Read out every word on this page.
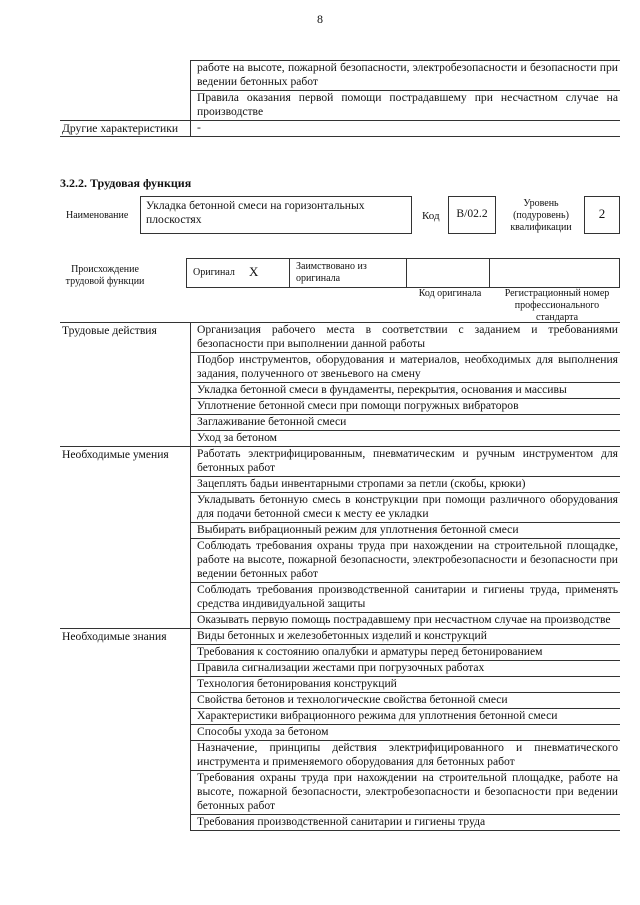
8
	работе на высоте, пожарной безопасности, электробезопасности и безопасности при ведении бетонных работ
	Правила оказания первой помощи пострадавшему при несчастном случае на производстве
Другие характеристики	-
3.2.2. Трудовая функция
Наименование
Укладка бетонной смеси на горизонтальных плоскостях	Код	В/02.2
Уровень (подуровень) квалификации
2
Происхождение трудовой функции
Оригинал X	Заимствовано из оригинала
Код оригинала	Регистрационный номер профессионального стандарта
Трудовые действия	Организация рабочего места в соответствии с заданием и требованиями безопасности при выполнении данной работы
	Подбор инструментов, оборудования и материалов, необходимых для выполнения задания, полученного от звеньевого на смену
	Укладка бетонной смеси в фундаменты, перекрытия, основания и массивы
	Уплотнение бетонной смеси при помощи погружных вибраторов
	Заглаживание бетонной смеси
	Уход за бетоном
Необходимые умения	Работать электрифицированным, пневматическим и ручным инструментом для бетонных работ
	Зацеплять бадьи инвентарными стропами за петли (скобы, крюки)
	Укладывать бетонную смесь в конструкции при помощи различного оборудования для подачи бетонной смеси к месту ее укладки
	Выбирать вибрационный режим для уплотнения бетонной смеси
	Соблюдать требования охраны труда при нахождении на строительной площадке, работе на высоте, пожарной безопасности, электробезопасности и безопасности при ведении бетонных работ
	Соблюдать требования производственной санитарии и гигиены труда, применять средства индивидуальной защиты
	Оказывать первую помощь пострадавшему при несчастном случае на производстве
Необходимые знания	Виды бетонных и железобетонных изделий и конструкций
	Требования к состоянию опалубки и арматуры перед бетонированием
	Правила сигнализации жестами при погрузочных работах
	Технология бетонирования конструкций
	Свойства бетонов и технологические свойства бетонной смеси
	Характеристики вибрационного режима для уплотнения бетонной смеси
	Способы ухода за бетоном
	Назначение, принципы действия электрифицированного и пневматического инструмента и применяемого оборудования для бетонных работ
	Требования охраны труда при нахождении на строительной площадке, работе на высоте, пожарной безопасности, электробезопасности и безопасности при ведении бетонных работ
	Требования производственной санитарии и гигиены труда
